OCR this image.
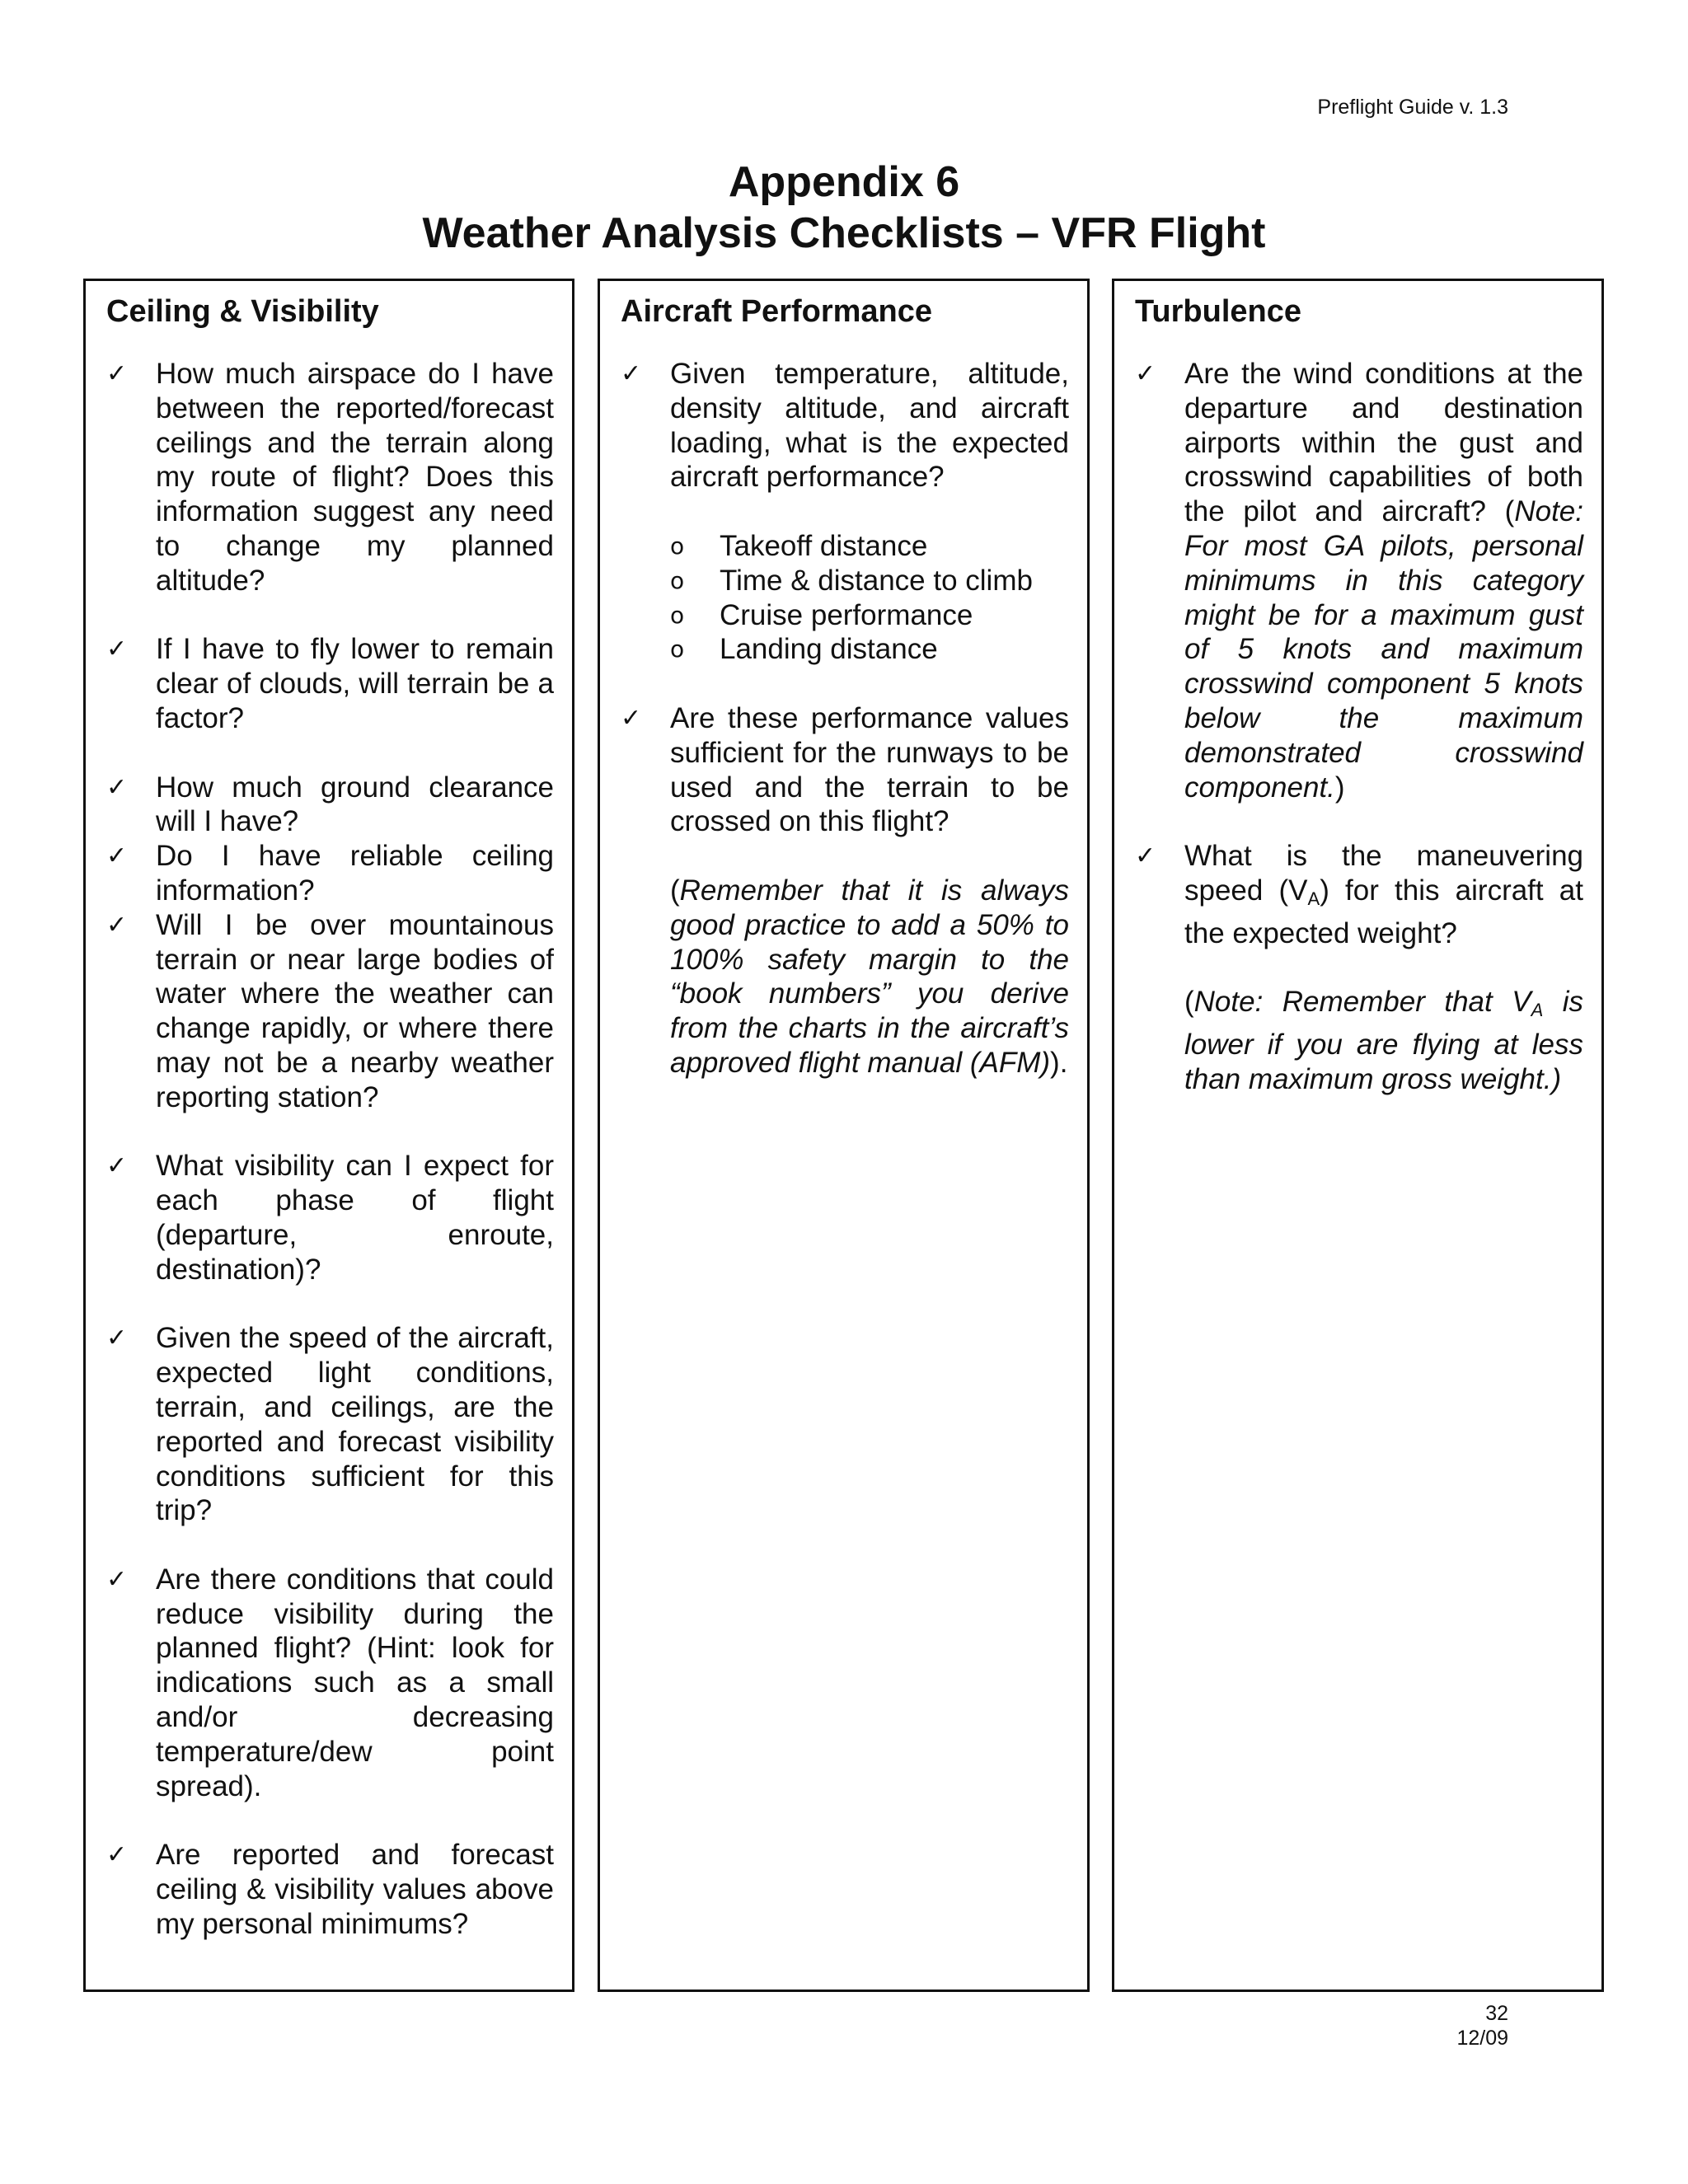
Preflight Guide v. 1.3
Appendix 6
Weather Analysis Checklists – VFR Flight
Ceiling & Visibility
✓ How much airspace do I have between the reported/forecast ceilings and the terrain along my route of flight? Does this information suggest any need to change my planned altitude?
✓ If I have to fly lower to remain clear of clouds, will terrain be a factor?
✓ How much ground clearance will I have?
✓ Do I have reliable ceiling information?
✓ Will I be over mountainous terrain or near large bodies of water where the weather can change rapidly, or where there may not be a nearby weather reporting station?
✓ What visibility can I expect for each phase of flight (departure, enroute, destination)?
✓ Given the speed of the aircraft, expected light conditions, terrain, and ceilings, are the reported and forecast visibility conditions sufficient for this trip?
✓ Are there conditions that could reduce visibility during the planned flight? (Hint: look for indications such as a small and/or decreasing temperature/dew point spread).
✓ Are reported and forecast ceiling & visibility values above my personal minimums?
Aircraft Performance
✓ Given temperature, altitude, density altitude, and aircraft loading, what is the expected aircraft performance?
o Takeoff distance
o Time & distance to climb
o Cruise performance
o Landing distance
✓ Are these performance values sufficient for the runways to be used and the terrain to be crossed on this flight?
(Remember that it is always good practice to add a 50% to 100% safety margin to the “book numbers” you derive from the charts in the aircraft’s approved flight manual (AFM)).
Turbulence
✓ Are the wind conditions at the departure and destination airports within the gust and crosswind capabilities of both the pilot and aircraft? (Note: For most GA pilots, personal minimums in this category might be for a maximum gust of 5 knots and maximum crosswind component 5 knots below the maximum demonstrated crosswind component.)
✓ What is the maneuvering speed (VA) for this aircraft at the expected weight?
(Note: Remember that VA is lower if you are flying at less than maximum gross weight.)
32
12/09
